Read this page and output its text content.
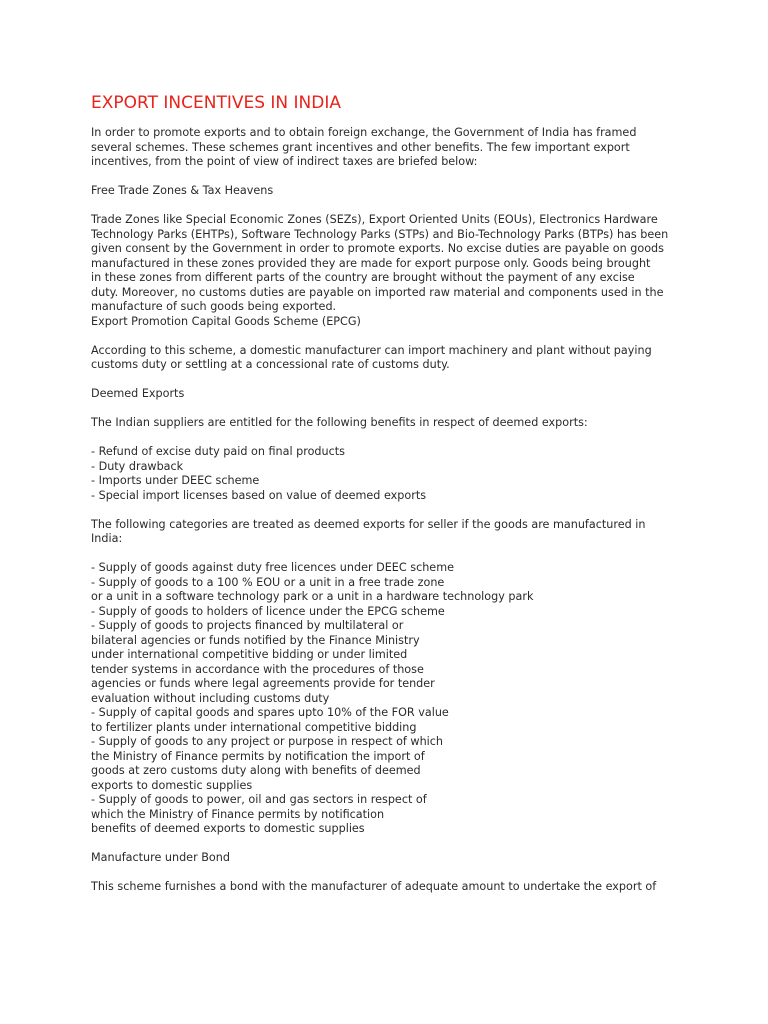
EXPORT INCENTIVES IN INDIA
In order to promote exports and to obtain foreign exchange, the Government of India has framed
several schemes. These schemes grant incentives and other benefits. The few important export
incentives, from the point of view of indirect taxes are briefed below:
Free Trade Zones & Tax Heavens
Trade Zones like Special Economic Zones (SEZs), Export Oriented Units (EOUs), Electronics Hardware
Technology Parks (EHTPs), Software Technology Parks (STPs) and Bio-Technology Parks (BTPs) has been
given consent by the Government in order to promote exports. No excise duties are payable on goods
manufactured in these zones provided they are made for export purpose only. Goods being brought
in these zones from different parts of the country are brought without the payment of any excise
duty. Moreover, no customs duties are payable on imported raw material and components used in the
manufacture of such goods being exported.
Export Promotion Capital Goods Scheme (EPCG)
According to this scheme, a domestic manufacturer can import machinery and plant without paying
customs duty or settling at a concessional rate of customs duty.
Deemed Exports
The Indian suppliers are entitled for the following benefits in respect of deemed exports:
- Refund of excise duty paid on final products
- Duty drawback
- Imports under DEEC scheme
- Special import licenses based on value of deemed exports
The following categories are treated as deemed exports for seller if the goods are manufactured in
India:
- Supply of goods against duty free licences under DEEC scheme
- Supply of goods to a 100 % EOU or a unit in a free trade zone
or a unit in a software technology park or a unit in a hardware technology park
- Supply of goods to holders of licence under the EPCG scheme
- Supply of goods to projects financed by multilateral or
bilateral agencies or funds notified by the Finance Ministry
under international competitive bidding or under limited
tender systems in accordance with the procedures of those
agencies or funds where legal agreements provide for tender
evaluation without including customs duty
- Supply of capital goods and spares upto 10% of the FOR value
to fertilizer plants under international competitive bidding
- Supply of goods to any project or purpose in respect of which
the Ministry of Finance permits by notification the import of
goods at zero customs duty along with benefits of deemed
exports to domestic supplies
- Supply of goods to power, oil and gas sectors in respect of
which the Ministry of Finance permits by notification
benefits of deemed exports to domestic supplies
Manufacture under Bond
This scheme furnishes a bond with the manufacturer of adequate amount to undertake the export of
